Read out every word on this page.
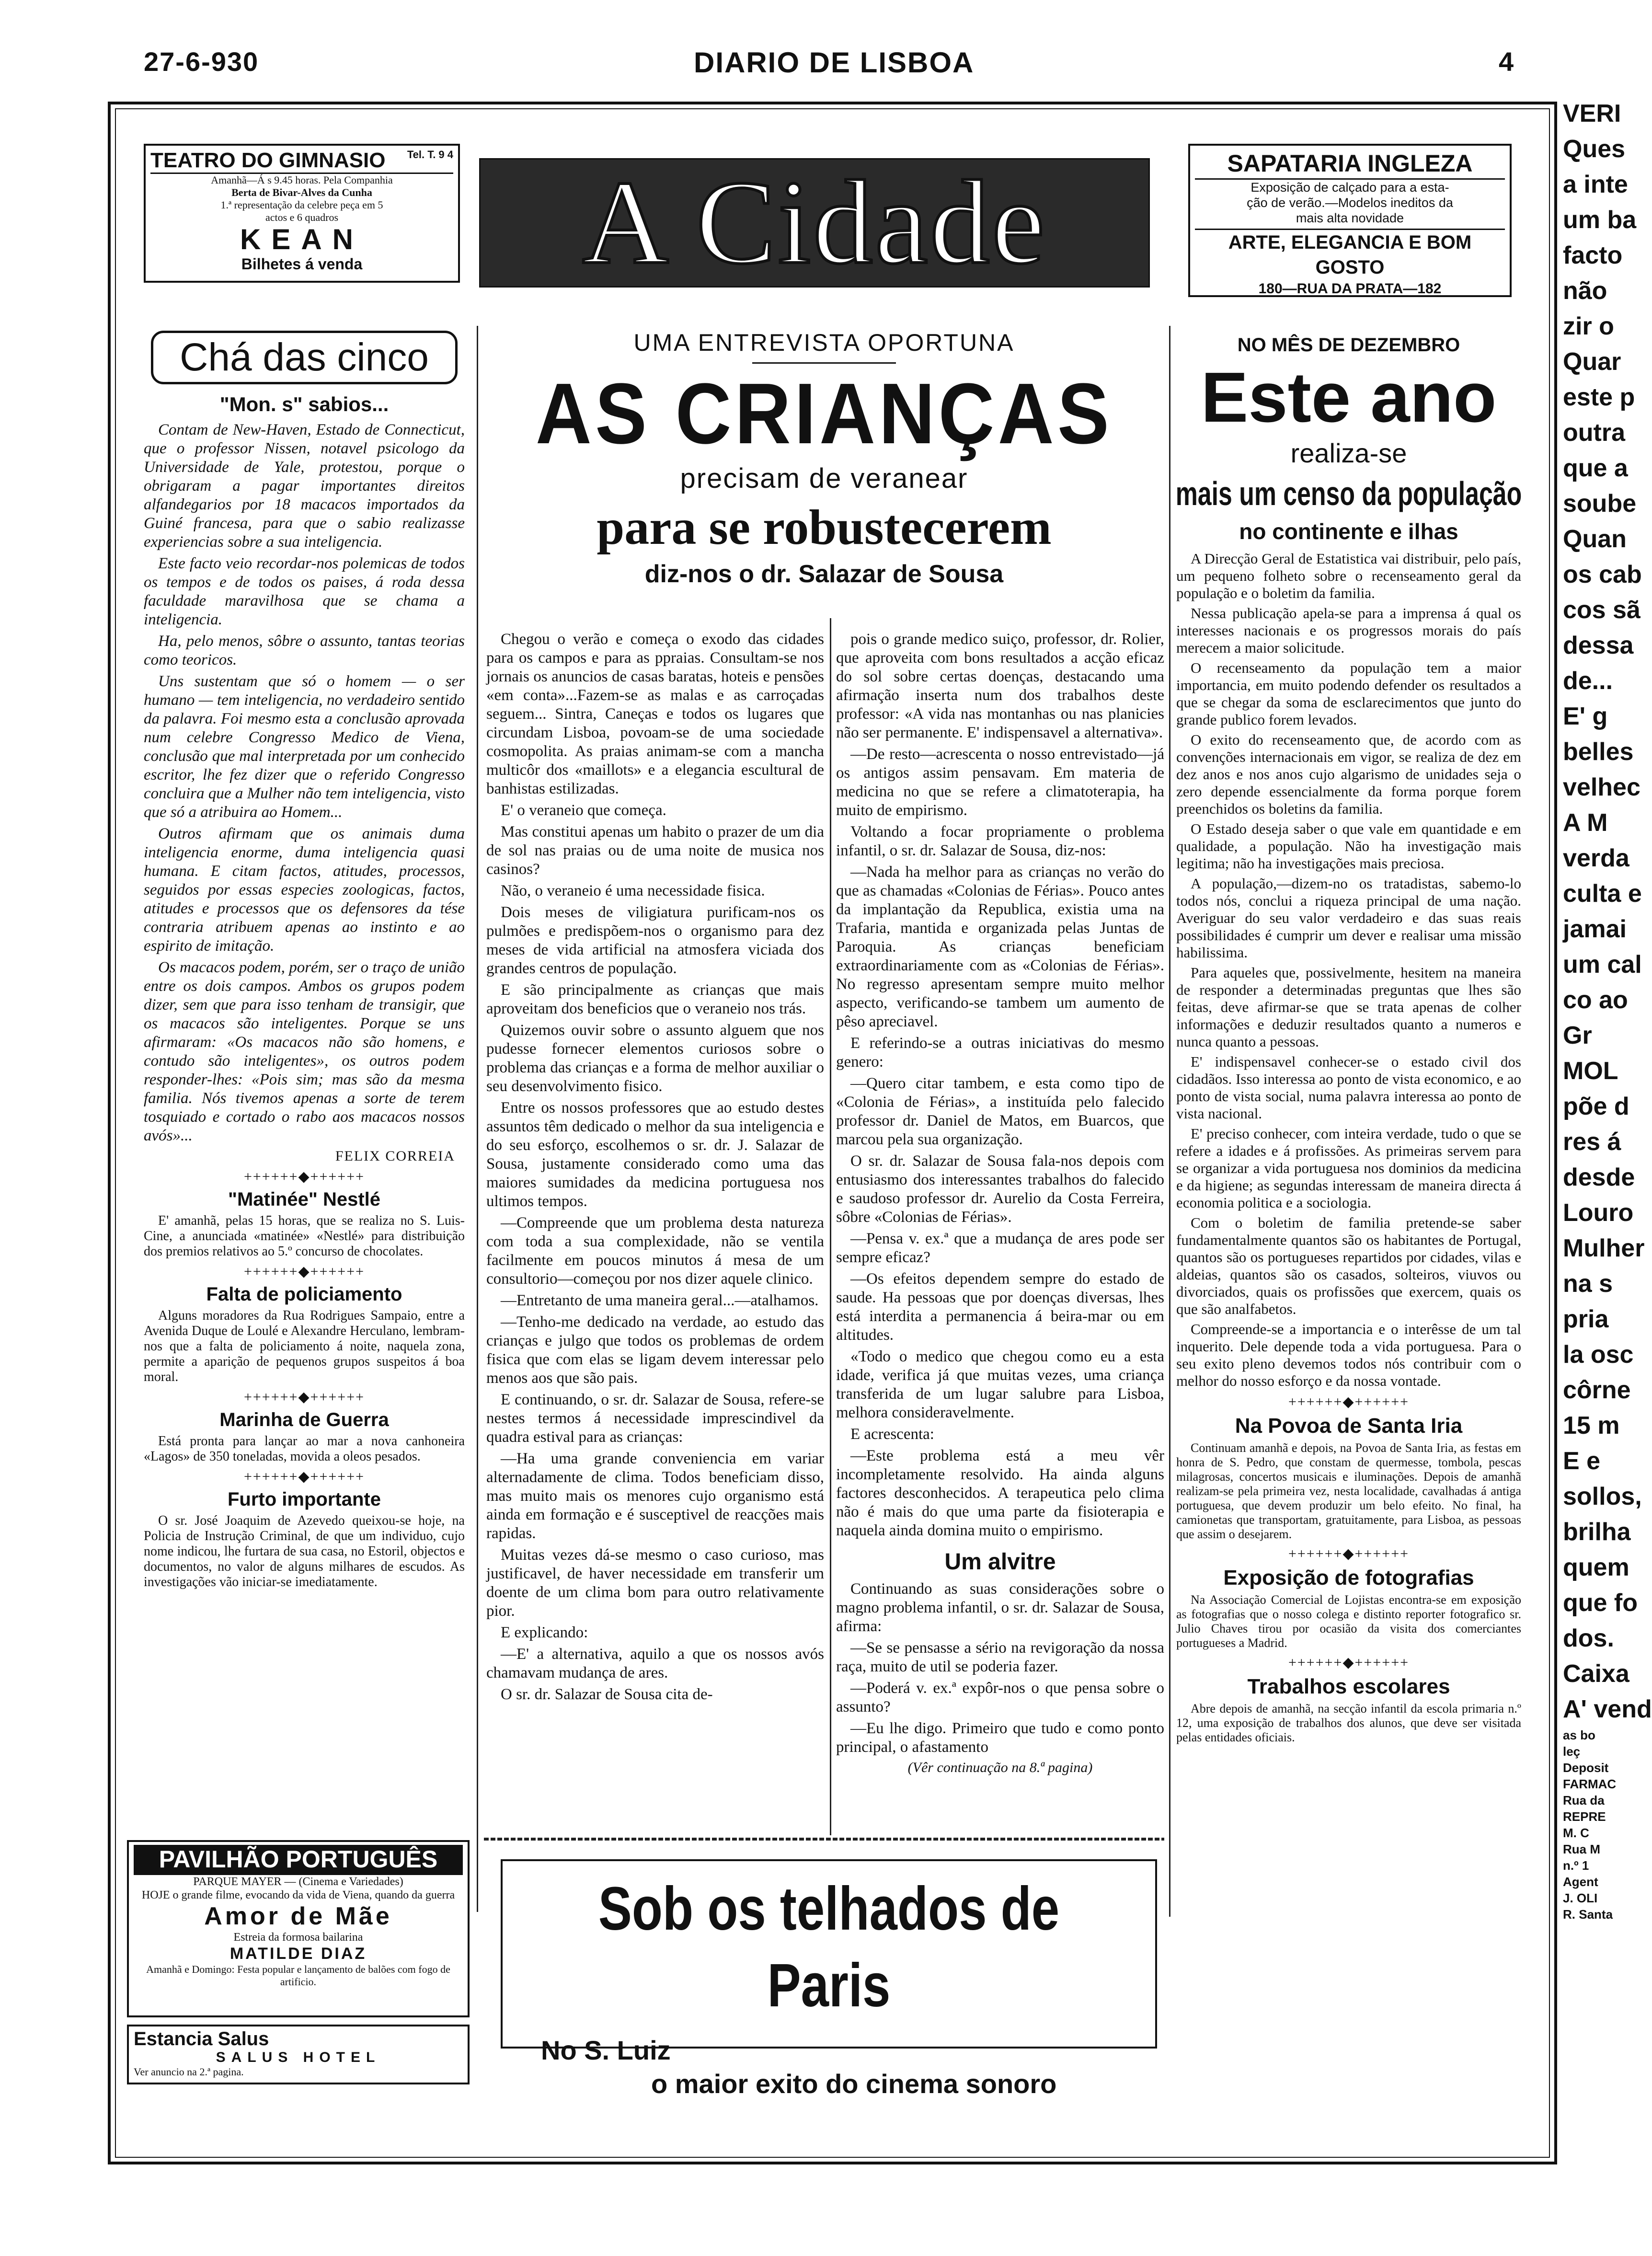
27-6-930	DIARIO DE LISBOA	4
TEATRO DO GIMNASIO Tel. T. 9 4
Amanhã—Á s 9.45 horas. Pela Companhia
Berta de Bivar-Alves da Cunha
1.ª representação da celebre peça em 5
actos e 6 quadros
KEAN
Bilhetes á venda	A Cidade	SAPATARIA INGLEZA
Exposição de calçado para a esta-
ção de verão.—Modelos ineditos da
mais alta novidade
ARTE, ELEGANCIA E BOM GOSTO
180—RUA DA PRATA—182
Chá das cinco
"Mon. s" sabios...

Contam de New-Haven, Estado de Connecticut, que o professor Nissen, notavel psicologo da Universidade de Yale, protestou, porque o obrigaram a pagar importantes direitos alfandegarios por 18 macacos importados da Guiné francesa, para que o sabio realizasse experiencias sobre a sua inteligencia.

Este facto veio recordar-nos polemicas de todos os tempos e de todos os paises, á roda dessa faculdade maravilhosa que se chama a inteligencia.

Ha, pelo menos, sôbre o assunto, tantas teorias como teoricos.

Uns sustentam que só o homem — o ser humano — tem inteligencia, no verdadeiro sentido da palavra. Foi mesmo esta a conclusão aprovada num celebre Congresso Medico de Viena, conclusão que mal interpretada por um conhecido escritor, lhe fez dizer que o referido Congresso concluira que a Mulher não tem inteligencia, visto que só a atribuira ao Homem...

Outros afirmam que os animais duma inteligencia enorme, duma inteligencia quasi humana. E citam factos, atitudes, processos, seguidos por essas especies zoologicas, factos, atitudes e processos que os defensores da tése contraria atribuem apenas ao instinto e ao espirito de imitação.

Os macacos podem, porém, ser o traço de união entre os dois campos. Ambos os grupos podem dizer, sem que para isso tenham de transigir, que os macacos são inteligentes. Porque se uns afirmaram: «Os macacos não são homens, e contudo são inteligentes», os outros podem responder-lhes: «Pois sim; mas são da mesma familia. Nós tivemos apenas a sorte de terem tosquiado e cortado o rabo aos macacos nossos avós»...

FELIX CORREIA
++++++◆++++++
"Matinée" Nestlé

E' amanhã, pelas 15 horas, que se realiza no S. Luis-Cine, a anunciada «matinée» «Nestlé» para distribuição dos premios relativos ao 5.º concurso de chocolates.

++++++◆++++++
Falta de policiamento

Alguns moradores da Rua Rodrigues Sampaio, entre a Avenida Duque de Loulé e Alexandre Herculano, lembram-nos que a falta de policiamento á noite, naquela zona, permite a aparição de pequenos grupos suspeitos á boa moral.

++++++◆++++++
Marinha de Guerra

Está pronta para lançar ao mar a nova canhoneira «Lagos» de 350 toneladas, movida a oleos pesados.

++++++◆++++++
Furto importante

O sr. José Joaquim de Azevedo queixou-se hoje, na Policia de Instrução Criminal, de que um individuo, cujo nome indicou, lhe furtara de sua casa, no Estoril, objectos e documentos, no valor de alguns milhares de escudos. As investigações vão iniciar-se imediatamente.

PAVILHÃO PORTUGUÊS
PARQUE MAYER — (Cinema e Variedades)
HOJE o grande filme, evocando da vida de Viena, quando da guerra
Amor de Mãe
Estreia da formosa bailarina
MATILDE DIAZ
Amanhã e Domingo: Festa popular e lançamento de balões com fogo de artificio.
Estancia Salus
SALUS HOTEL
Ver anuncio na 2.ª pagina.
UMA ENTREVISTA OPORTUNA
AS CRIANÇAS
precisam de veranear
para se robustecerem
diz-nos o dr. Salazar de Sousa

Chegou o verão e começa o exodo das cidades para os campos e para as ppraias. Consultam-se nos jornais os anuncios de casas baratas, hoteis e pensões «em conta»...Fazem-se as malas e as carroçadas seguem... Sintra, Caneças e todos os lugares que circundam Lisboa, povoam-se de uma sociedade cosmopolita. As praias animam-se com a mancha multicôr dos «maillots» e a elegancia escultural de banhistas estilizadas.

E' o veraneio que começa.

Mas constitui apenas um habito o prazer de um dia de sol nas praias ou de uma noite de musica nos casinos?

Não, o veraneio é uma necessidade fisica.

Dois meses de viligiatura purificam-nos os pulmões e predispõem-nos o organismo para dez meses de vida artificial na atmosfera viciada dos grandes centros de população.

E são principalmente as crianças que mais aproveitam dos beneficios que o veraneio nos trás.

Quizemos ouvir sobre o assunto alguem que nos pudesse fornecer elementos curiosos sobre o problema das crianças e a forma de melhor auxiliar o seu desenvolvimento fisico.

Entre os nossos professores que ao estudo destes assuntos têm dedicado o melhor da sua inteligencia e do seu esforço, escolhemos o sr. dr. J. Salazar de Sousa, justamente considerado como uma das maiores sumidades da medicina portuguesa nos ultimos tempos.

—Compreende que um problema desta natureza com toda a sua complexidade, não se ventila facilmente em poucos minutos á mesa de um consultorio—começou por nos dizer aquele clinico.

—Entretanto de uma maneira geral...—atalhamos.

—Tenho-me dedicado na verdade, ao estudo das crianças e julgo que todos os problemas de ordem fisica que com elas se ligam devem interessar pelo menos aos que são pais.

E continuando, o sr. dr. Salazar de Sousa, refere-se nestes termos á necessidade imprescindivel da quadra estival para as crianças:

—Ha uma grande conveniencia em variar alternadamente de clima. Todos beneficiam disso, mas muito mais os menores cujo organismo está ainda em formação e é susceptivel de reacções mais rapidas.

Muitas vezes dá-se mesmo o caso curioso, mas justificavel, de haver necessidade em transferir um doente de um clima bom para outro relativamente pior.

E explicando:

—E' a alternativa, aquilo a que os nossos avós chamavam mudança de ares.

O sr. dr. Salazar de Sousa cita de-

pois o grande medico suiço, professor, dr. Rolier, que aproveita com bons resultados a acção eficaz do sol sobre certas doenças, destacando uma afirmação inserta num dos trabalhos deste professor: «A vida nas montanhas ou nas planicies não ser permanente. E' indispensavel a alternativa».

—De resto—acrescenta o nosso entrevistado—já os antigos assim pensavam. Em materia de medicina no que se refere a climatoterapia, ha muito de empirismo.

Voltando a focar propriamente o problema infantil, o sr. dr. Salazar de Sousa, diz-nos:

—Nada ha melhor para as crianças no verão do que as chamadas «Colonias de Férias». Pouco antes da implantação da Republica, existia uma na Trafaria, mantida e organizada pelas Juntas de Paroquia. As crianças beneficiam extraordinariamente com as «Colonias de Férias». No regresso apresentam sempre muito melhor aspecto, verificando-se tambem um aumento de pêso apreciavel.

E referindo-se a outras iniciativas do mesmo genero:

—Quero citar tambem, e esta como tipo de «Colonia de Férias», a instituída pelo falecido professor dr. Daniel de Matos, em Buarcos, que marcou pela sua organização.

O sr. dr. Salazar de Sousa fala-nos depois com entusiasmo dos interessantes trabalhos do falecido e saudoso professor dr. Aurelio da Costa Ferreira, sôbre «Colonias de Férias».

—Pensa v. ex.ª que a mudança de ares pode ser sempre eficaz?

—Os efeitos dependem sempre do estado de saude. Ha pessoas que por doenças diversas, lhes está interdita a permanencia á beira-mar ou em altitudes.

«Todo o medico que chegou como eu a esta idade, verifica já que muitas vezes, uma criança transferida de um lugar salubre para Lisboa, melhora consideravelmente.

E acrescenta:

—Este problema está a meu vêr incompletamente resolvido. Ha ainda alguns factores desconhecidos. A terapeutica pelo clima não é mais do que uma parte da fisioterapia e naquela ainda domina muito o empirismo.

Um alvitre

Continuando as suas considerações sobre o magno problema infantil, o sr. dr. Salazar de Sousa, afirma:

—Se se pensasse a sério na revigoração da nossa raça, muito de util se poderia fazer.

—Poderá v. ex.ª expôr-nos o que pensa sobre o assunto?

—Eu lhe digo. Primeiro que tudo e como ponto principal, o afastamento

(Vêr continuação na 8.ª pagina)
Sob os telhados de Paris
No S. Luiz
o maior exito do cinema sonoro
NO MÊS DE DEZEMBRO
Este ano
realiza-se
mais um censo da população
no continente e ilhas

A Direcção Geral de Estatistica vai distribuir, pelo país, um pequeno folheto sobre o recenseamento geral da população e o boletim da familia.

Nessa publicação apela-se para a imprensa á qual os interesses nacionais e os progressos morais do país merecem a maior solicitude.

O recenseamento da população tem a maior importancia, em muito podendo defender os resultados a que se chegar da soma de esclarecimentos que junto do grande publico forem levados.

O exito do recenseamento que, de acordo com as convenções internacionais em vigor, se realiza de dez em dez anos e nos anos cujo algarismo de unidades seja o zero depende essencialmente da forma porque forem preenchidos os boletins da familia.

O Estado deseja saber o que vale em quantidade e em qualidade, a população. Não ha investigação mais legitima; não ha investigações mais preciosa.

A população,—dizem-no os tratadistas, sabemo-lo todos nós, conclui a riqueza principal de uma nação. Averiguar do seu valor verdadeiro e das suas reais possibilidades é cumprir um dever e realisar uma missão habilissima.

Para aqueles que, possivelmente, hesitem na maneira de responder a determinadas preguntas que lhes são feitas, deve afirmar-se que se trata apenas de colher informações e deduzir resultados quanto a numeros e nunca quanto a pessoas.

E' indispensavel conhecer-se o estado civil dos cidadãos. Isso interessa ao ponto de vista economico, e ao ponto de vista social, numa palavra interessa ao ponto de vista nacional.

E' preciso conhecer, com inteira verdade, tudo o que se refere a idades e á profissões. As primeiras servem para se organizar a vida portuguesa nos dominios da medicina e da higiene; as segundas interessam de maneira directa á economia politica e a sociologia.

Com o boletim de familia pretende-se saber fundamentalmente quantos são os habitantes de Portugal, quantos são os portugueses repartidos por cidades, vilas e aldeias, quantos são os casados, solteiros, viuvos ou divorciados, quais os profissões que exercem, quais os que são analfabetos.

Compreende-se a importancia e o interêsse de um tal inquerito. Dele depende toda a vida portuguesa. Para o seu exito pleno devemos todos nós contribuir com o melhor do nosso esforço e da nossa vontade.

++++++◆++++++
Na Povoa de Santa Iria

Continuam amanhã e depois, na Povoa de Santa Iria, as festas em honra de S. Pedro, que constam de quermesse, tombola, pescas milagrosas, concertos musicais e iluminações. Depois de amanhã realizam-se pela primeira vez, nesta localidade, cavalhadas á antiga portuguesa, que devem produzir um belo efeito. No final, ha camionetas que transportam, gratuitamente, para Lisboa, as pessoas que assim o desejarem.

++++++◆++++++
Exposição de fotografias

Na Associação Comercial de Lojistas encontra-se em exposição as fotografias que o nosso colega e distinto reporter fotografico sr. Julio Chaves tirou por ocasião da visita dos comerciantes portugueses a Madrid.

++++++◆++++++
Trabalhos escolares

Abre depois de amanhã, na secção infantil da escola primaria n.º 12, uma exposição de trabalhos dos alunos, que deve ser visitada pelas entidades oficiais.

VERI
Ques
a inte
um ba
facto
não
zir o
Quar
este p
outra
que a
soube
Quan
os cab
cos sã
dessa
de...
E' g
belles
velhec
A M
verda
culta e
jamai
um cal
co ao
Gr
MOL
põe d
res á
desde
Louro
Mulher
na s
pria
la osc
côrne
15 m
E e
sollos,
brilha
quem
que fo
dos.
Caixa
A' vend
as bo
leç
Deposit
FARMAC
Rua da
REPRE
M. C
Rua M
n.º 1
Agent
J. OLI
R. Santa
